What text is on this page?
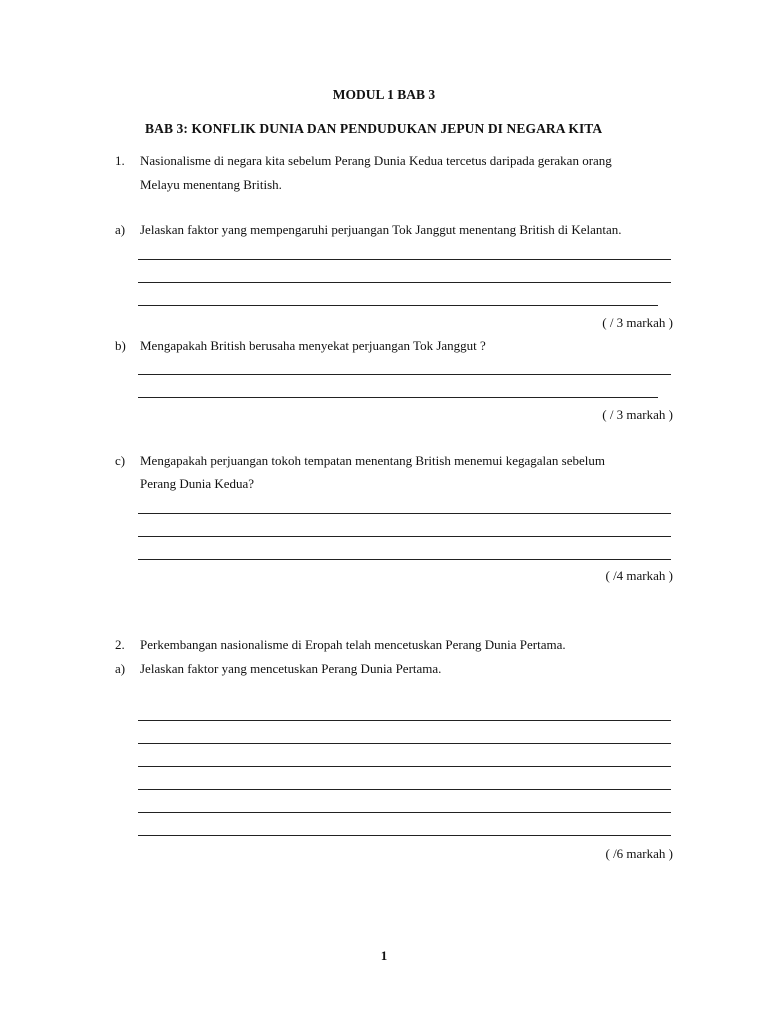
MODUL 1 BAB 3
BAB 3: KONFLIK DUNIA DAN PENDUDUKAN JEPUN DI NEGARA KITA
1. Nasionalisme di negara kita sebelum Perang Dunia Kedua tercetus daripada gerakan orang
Melayu menentang British.
a) Jelaskan faktor yang mempengaruhi perjuangan Tok Janggut menentang British di Kelantan.
( / 3 markah )
b) Mengapakah British berusaha menyekat perjuangan Tok Janggut ?
( / 3 markah )
c) Mengapakah perjuangan tokoh tempatan menentang British menemui kegagalan sebelum
Perang Dunia Kedua?
( /4 markah )
2. Perkembangan nasionalisme di Eropah telah mencetuskan Perang Dunia Pertama.
a) Jelaskan faktor yang mencetuskan Perang Dunia Pertama.
( /6 markah )
1
